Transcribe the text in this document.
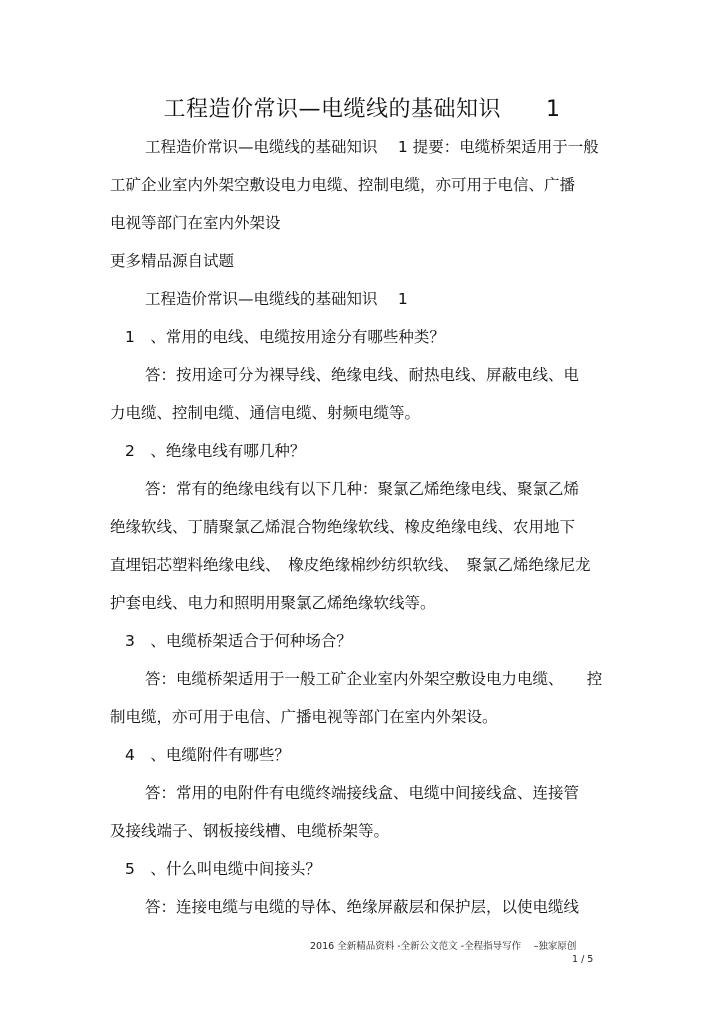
工程造价常识—电缆线的基础知识　　1
工程造价常识—电缆线的基础知识　 1 提要：电缆桥架适用于一般
工矿企业室内外架空敷设电力电缆、控制电缆，亦可用于电信、广播
电视等部门在室内外架设
更多精品源自试题
工程造价常识—电缆线的基础知识　 1
1　、常用的电线、电缆按用途分有哪些种类？
答：按用途可分为裸导线、绝缘电线、耐热电线、屏蔽电线、电
力电缆、控制电缆、通信电缆、射频电缆等。
2　、绝缘电线有哪几种？
答：常有的绝缘电线有以下几种：聚氯乙烯绝缘电线、聚氯乙烯
绝缘软线、丁腈聚氯乙烯混合物绝缘软线、橡皮绝缘电线、农用地下
直埋铝芯塑料绝缘电线、　橡皮绝缘棉纱纺织软线、　聚氯乙烯绝缘尼龙
护套电线、电力和照明用聚氯乙烯绝缘软线等。
3　、电缆桥架适合于何种场合？
答：电缆桥架适用于一般工矿企业室内外架空敷设电力电缆、　　控
制电缆，亦可用于电信、广播电视等部门在室内外架设。
4　、电缆附件有哪些？
答：常用的电附件有电缆终端接线盒、电缆中间接线盒、连接管
及接线端子、钢板接线槽、电缆桥架等。
5　、什么叫电缆中间接头？
答：连接电缆与电缆的导体、绝缘屏蔽层和保护层，以使电缆线
2016 全新精品资料 -全新公文范文 -全程指导写作　 –独家原创
1 / 5
